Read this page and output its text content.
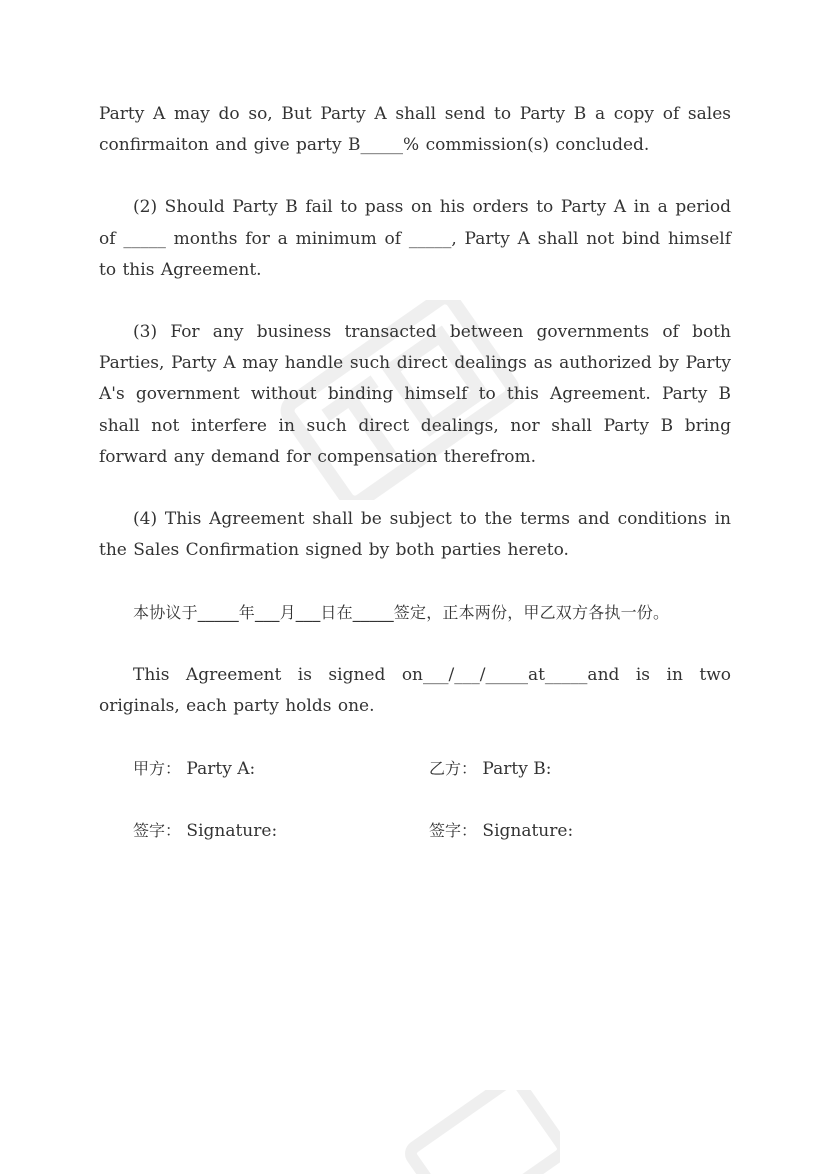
Party A may do so, But Party A shall send to Party B a copy of sales confirmaiton and give party B_____% commission(s) concluded.

(2) Should Party B fail to pass on his orders to Party A in a period of _____ months for a minimum of _____, Party A shall not bind himself to this Agreement.

(3) For any business transacted between governments of both Parties, Party A may handle such direct dealings as authorized by Party A's government without binding himself to this Agreement. Party B shall not interfere in such direct dealings, nor shall Party B bring forward any demand for compensation therefrom.

(4) This Agreement shall be subject to the terms and conditions in the Sales Confirmation signed by both parties hereto.

本协议于_____年___月___日在_____签定，正本两份，甲乙双方各执一份。

This Agreement is signed on___/___/_____at_____and is in two originals, each party holds one.

甲方： Party A:	乙方： Party B:
签字： Signature:	签字： Signature:
